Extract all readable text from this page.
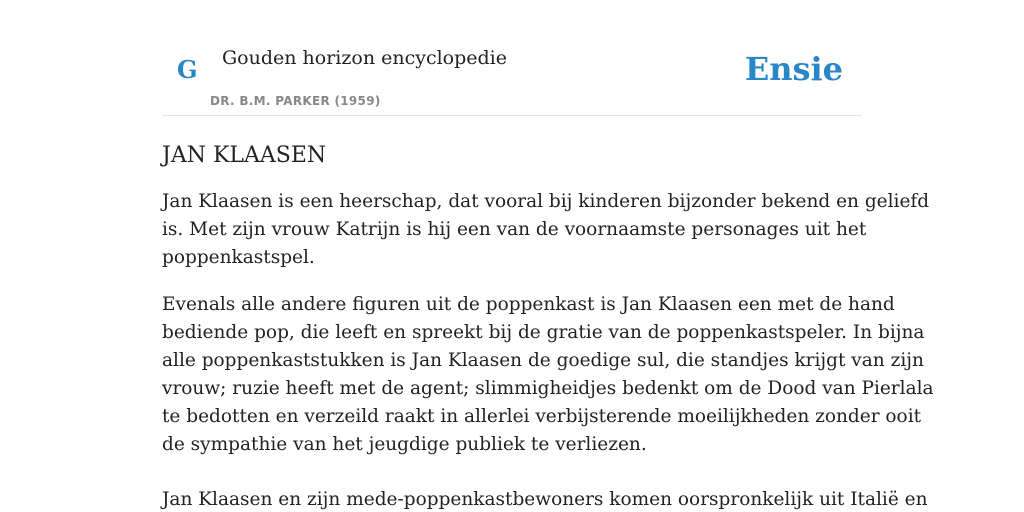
G Gouden horizon encyclopedie
DR. B.M. PARKER (1959)
Ensie
JAN KLAASEN

Jan Klaasen is een heerschap, dat vooral bij kinderen bijzonder bekend en geliefd
is. Met zijn vrouw Katrijn is hij een van de voornaamste personages uit het
poppenkastspel.

Evenals alle andere figuren uit de poppenkast is Jan Klaasen een met de hand
bediende pop, die leeft en spreekt bij de gratie van de poppenkastspeler. In bijna
alle poppenkaststukken is Jan Klaasen de goedige sul, die standjes krijgt van zijn
vrouw; ruzie heeft met de agent; slimmigheidjes bedenkt om de Dood van Pierlala
te bedotten en verzeild raakt in allerlei verbijsterende moeilijkheden zonder ooit
de sympathie van het jeugdige publiek te verliezen.

Jan Klaasen en zijn mede-poppenkastbewoners komen oorspronkelijk uit Italië en
